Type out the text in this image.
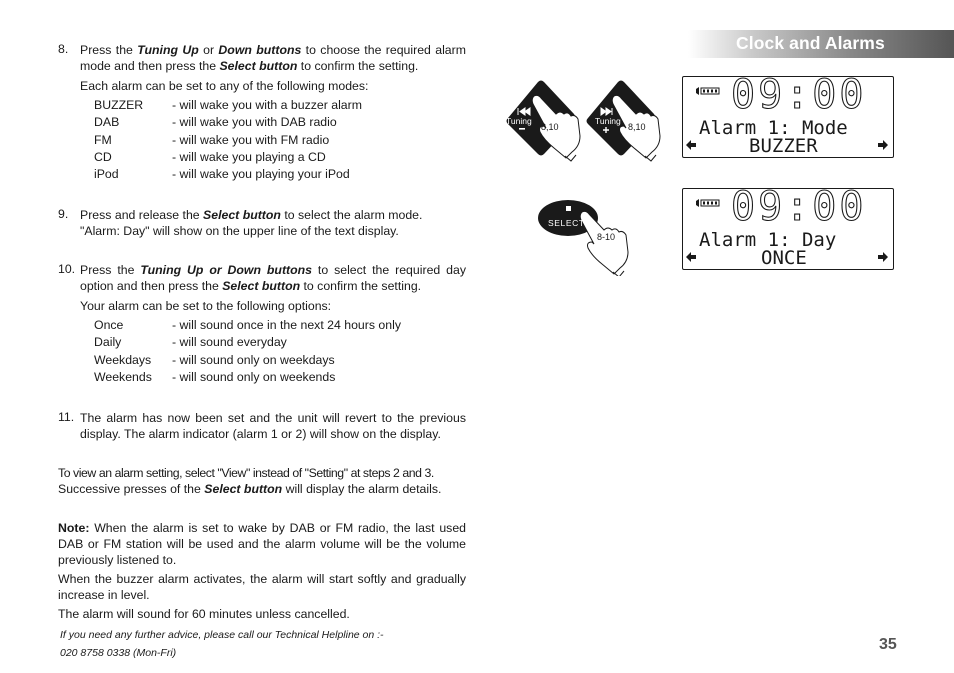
Clock and Alarms
8. Press the Tuning Up or Down buttons to choose the required alarm
mode and then press the Select button to confirm the setting.
Each alarm can be set to any of the following modes:
BUZZER - will wake you with a buzzer alarm
DAB	- will wake you with DAB radio
FM	- will wake you with FM radio
CD	- will wake you playing a CD
iPod	- will wake you playing your iPod
9. Press and release the Select button to select the alarm mode.
"Alarm: Day" will show on the upper line of the text display.
10. Press the Tuning Up or Down buttons to select the required day
option and then press the Select button to confirm the setting.
Your alarm can be set to the following options:
Once	- will sound once in the next 24 hours only
Daily	- will sound everyday
Weekdays - will sound only on weekdays
Weekends - will sound only on weekends
11. The alarm has now been set and the unit will revert to the previous
display. The alarm indicator (alarm 1 or 2) will show on the display.
To view an alarm setting, select "View" instead of "Setting" at steps 2 and 3.
Successive presses of the Select button will display the alarm details.
Note: When the alarm is set to wake by DAB or FM radio, the last used
DAB or FM station will be used and the alarm volume will be the volume
previously listened to.
When the buzzer alarm activates, the alarm will start softly and gradually
increase in level.
The alarm will sound for 60 minutes unless cancelled.
If you need any further advice, please call our Technical Helpline on :-
020 8758 0338 (Mon-Fri)	35
Tuning	Tuning
8,10	8,10
09:00
Alarm 1: Mode
BUZZER
SELECT
8-10
09:00
Alarm 1: Day
ONCE
